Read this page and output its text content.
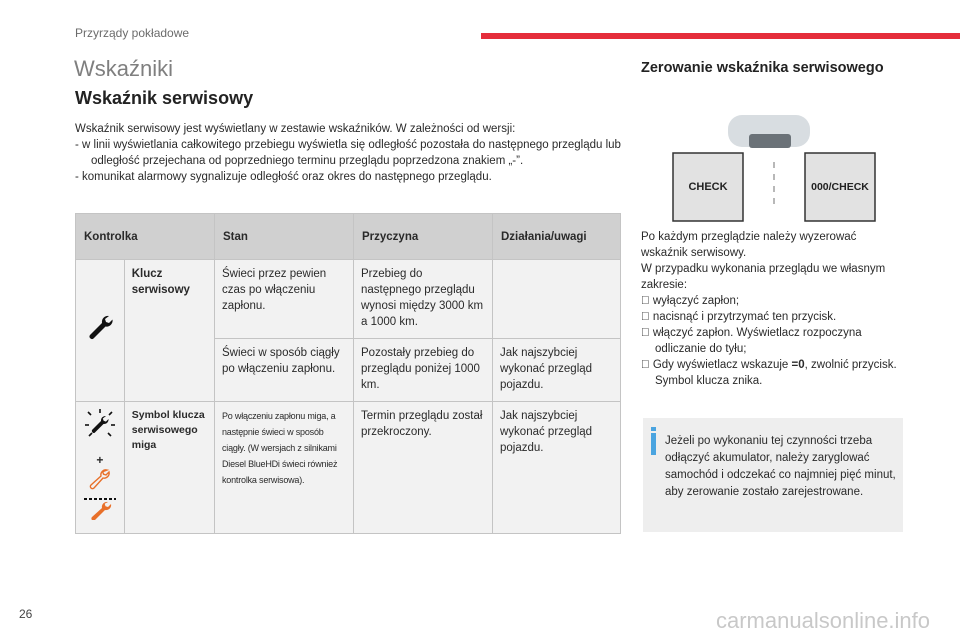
Przyrządy pokładowe
Wskaźniki
Wskaźnik serwisowy

Wskaźnik serwisowy jest wyświetlany w zestawie wskaźników. W zależności od wersji:

- w linii wyświetlania całkowitego przebiegu wyświetla się odległość pozostała do następnego przeglądu lub odległość przejechana od poprzedniego terminu przeglądu poprzedzona znakiem „-”.

- komunikat alarmowy sygnalizuje odległość oraz okres do następnego przeglądu.

Kontrolka		Stan	Przyczyna	Działania/uwagi
	Klucz serwisowy	Świeci przez pewien czas po włączeniu zapłonu.	Przebieg do następnego przeglądu wynosi między 3000 km a 1000 km.	
		Świeci w sposób ciągły po włączeniu zapłonu.	Pozostały przebieg do przeglądu poniżej 1000 km.	Jak najszybciej wykonać przegląd pojazdu.

+	Symbol klucza serwisowego miga	Po włączeniu zapłonu miga, a następnie świeci w sposób ciągły. (W wersjach z silnikami Diesel BlueHDi świeci również kontrolka serwisowa).	Termin przeglądu został przekroczony.	Jak najszybciej wykonać przegląd pojazdu.
Zerowanie wskaźnika serwisowego
CHECK	000/CHECK

Po każdym przeglądzie należy wyzerować wskaźnik serwisowy.

W przypadku wykonania przeglądu we własnym zakresie:

wyłączyć zapłon;

nacisnąć i przytrzymać ten przycisk.

włączyć zapłon. Wyświetlacz rozpoczyna odliczanie do tyłu;

Gdy wyświetlacz wskazuje =0, zwolnić przycisk. Symbol klucza znika.

Jeżeli po wykonaniu tej czynności trzeba odłączyć akumulator, należy zaryglować samochód i odczekać co najmniej pięć minut, aby zerowanie zostało zarejestrowane.
26	carmanualsonline.info
